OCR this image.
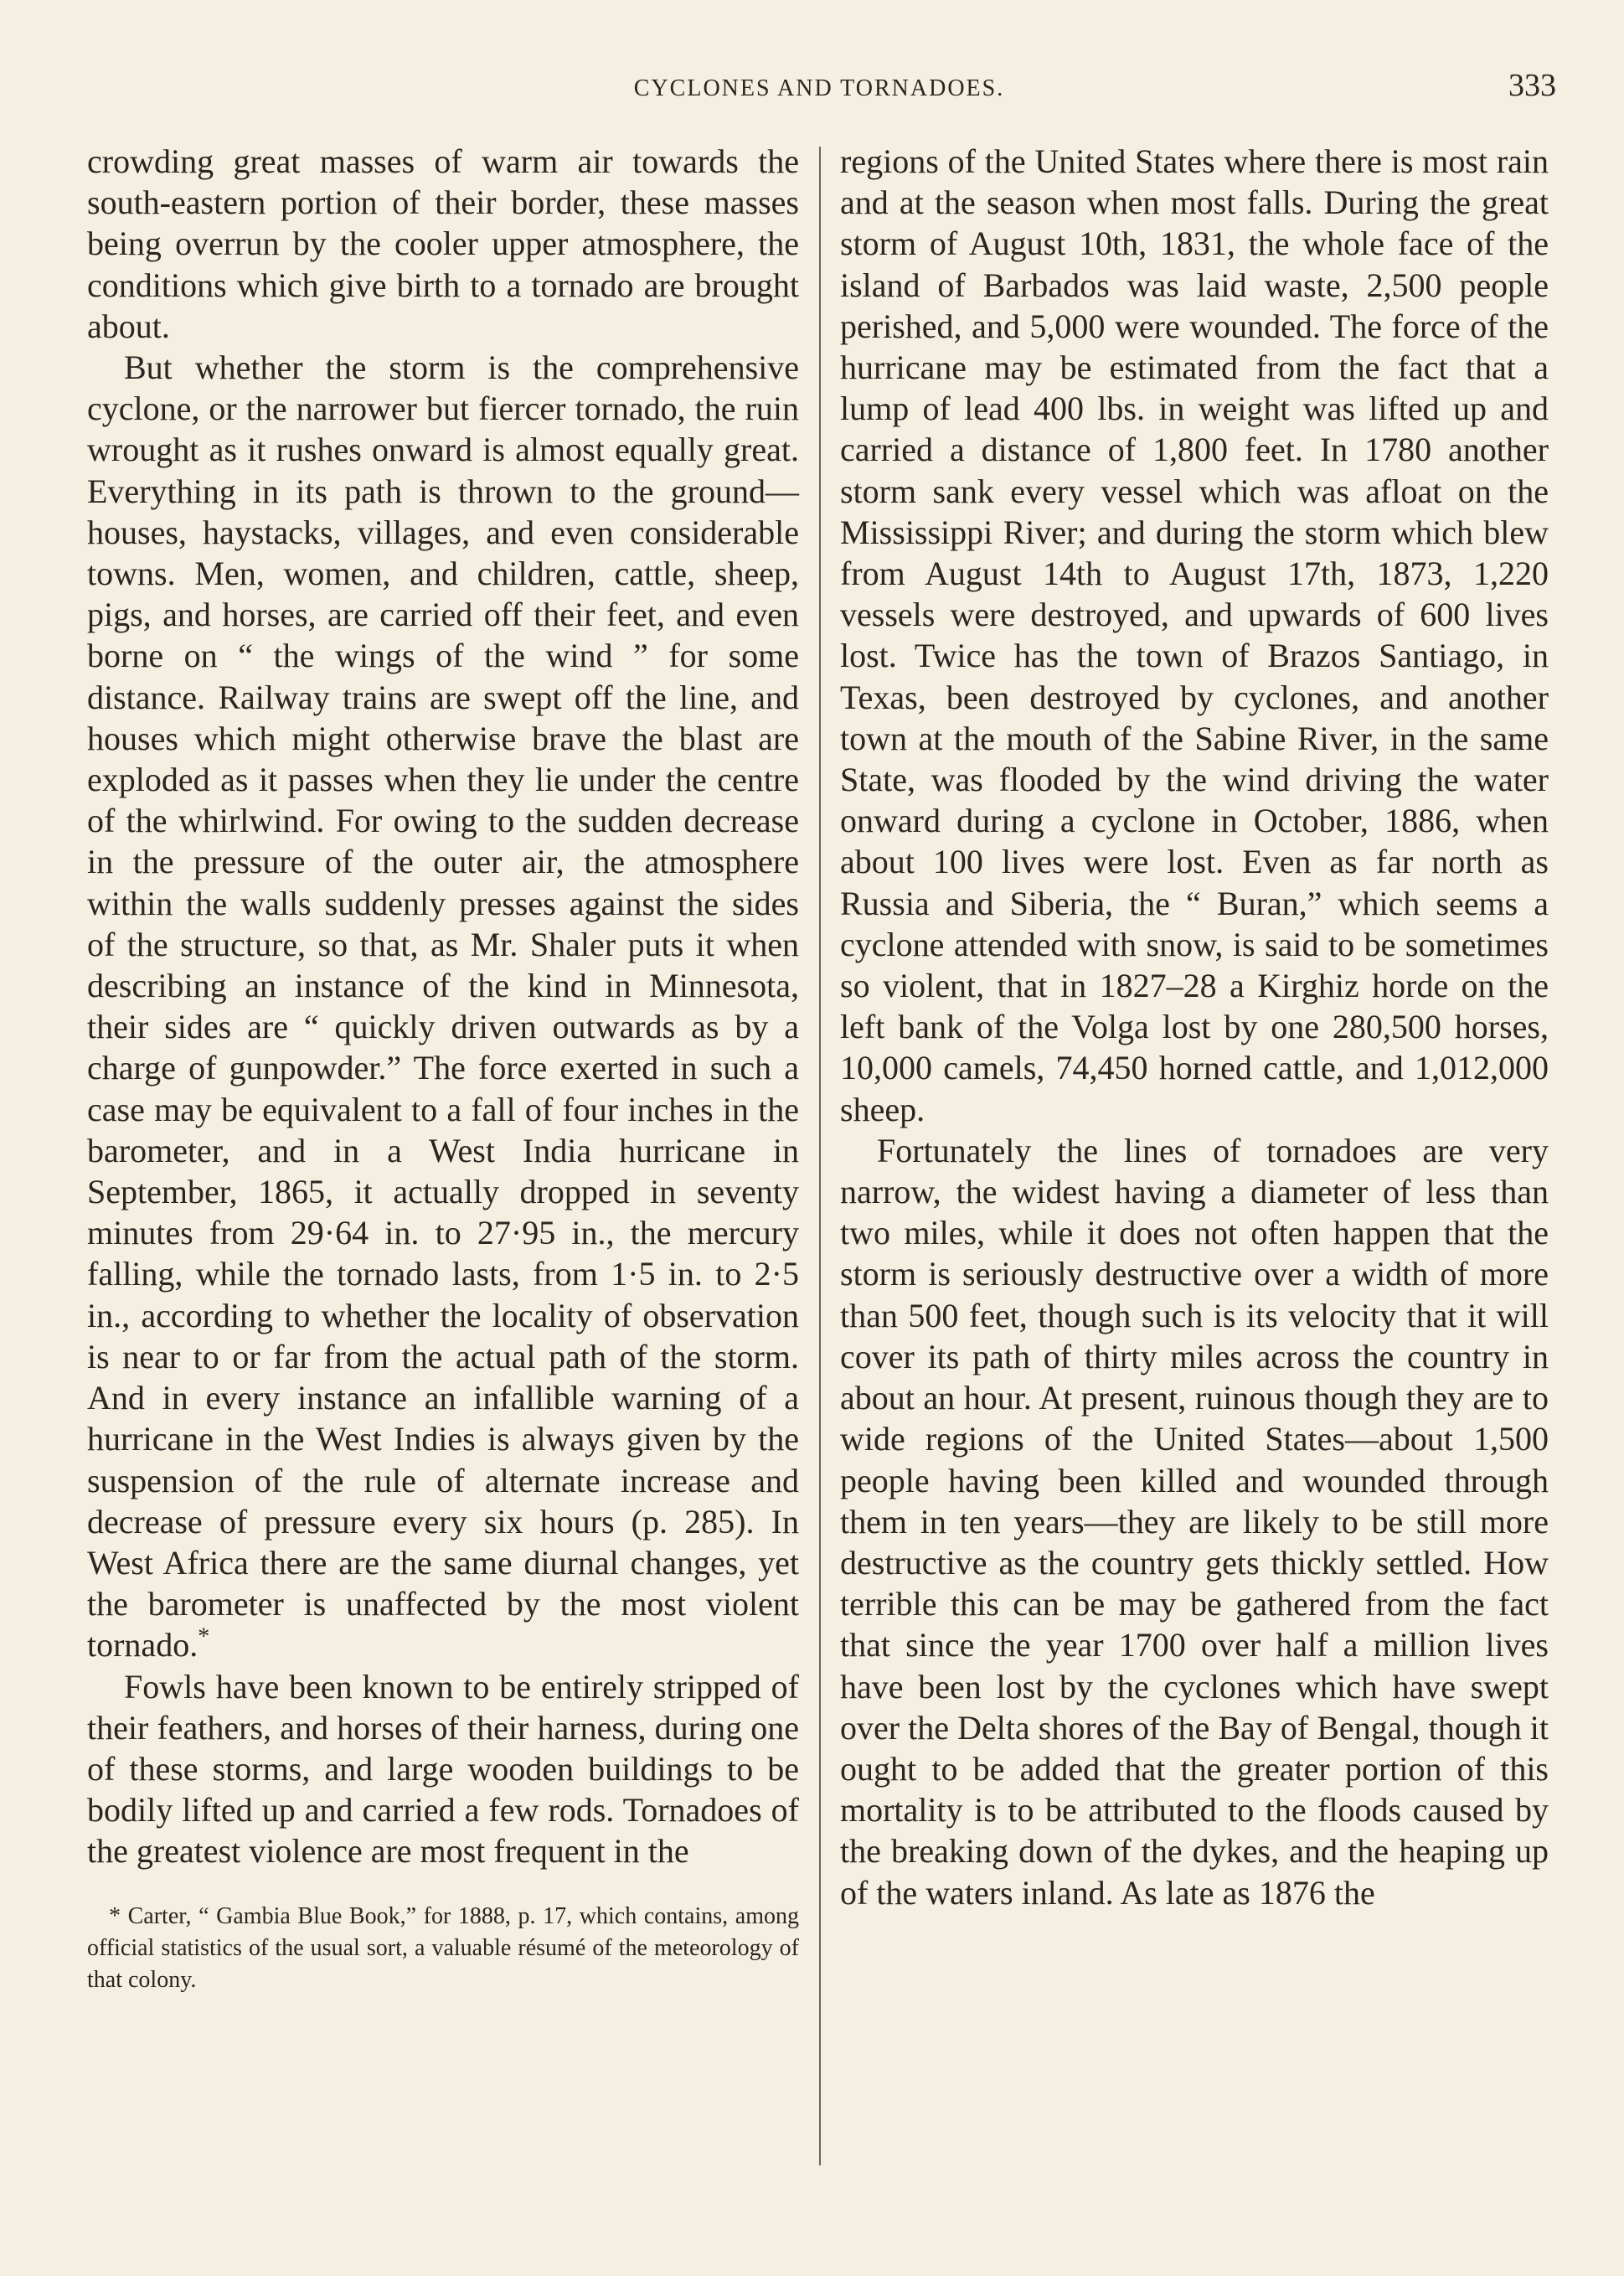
CYCLONES AND TORNADOES.	333

crowding great masses of warm air towards the south-eastern portion of their border, these masses being overrun by the cooler upper atmosphere, the conditions which give birth to a tornado are brought about.

But whether the storm is the comprehensive cyclone, or the narrower but fiercer tornado, the ruin wrought as it rushes onward is almost equally great. Everything in its path is thrown to the ground—houses, haystacks, villages, and even considerable towns. Men, women, and children, cattle, sheep, pigs, and horses, are carried off their feet, and even borne on “ the wings of the wind ” for some distance. Railway trains are swept off the line, and houses which might otherwise brave the blast are exploded as it passes when they lie under the centre of the whirlwind. For owing to the sudden decrease in the pressure of the outer air, the atmosphere within the walls suddenly presses against the sides of the structure, so that, as Mr. Shaler puts it when describing an instance of the kind in Minnesota, their sides are “ quickly driven outwards as by a charge of gunpowder.” The force exerted in such a case may be equivalent to a fall of four inches in the barometer, and in a West India hurricane in September, 1865, it actually dropped in seventy minutes from 29·64 in. to 27·95 in., the mercury falling, while the tornado lasts, from 1·5 in. to 2·5 in., according to whether the locality of observation is near to or far from the actual path of the storm. And in every instance an infallible warning of a hurricane in the West Indies is always given by the suspension of the rule of alternate increase and decrease of pressure every six hours (p. 285). In West Africa there are the same diurnal changes, yet the barometer is unaffected by the most violent tornado.*

Fowls have been known to be entirely stripped of their feathers, and horses of their harness, during one of these storms, and large wooden buildings to be bodily lifted up and carried a few rods. Tornadoes of the greatest violence are most frequent in the

* Carter, “ Gambia Blue Book,” for 1888, p. 17, which contains, among official statistics of the usual sort, a valuable résumé of the meteorology of that colony.

regions of the United States where there is most rain and at the season when most falls. During the great storm of August 10th, 1831, the whole face of the island of Barbados was laid waste, 2,500 people perished, and 5,000 were wounded. The force of the hurricane may be estimated from the fact that a lump of lead 400 lbs. in weight was lifted up and carried a distance of 1,800 feet. In 1780 another storm sank every vessel which was afloat on the Mississippi River; and during the storm which blew from August 14th to August 17th, 1873, 1,220 vessels were destroyed, and upwards of 600 lives lost. Twice has the town of Brazos Santiago, in Texas, been destroyed by cyclones, and another town at the mouth of the Sabine River, in the same State, was flooded by the wind driving the water onward during a cyclone in October, 1886, when about 100 lives were lost. Even as far north as Russia and Siberia, the “ Buran,” which seems a cyclone attended with snow, is said to be sometimes so violent, that in 1827–28 a Kirghiz horde on the left bank of the Volga lost by one 280,500 horses, 10,000 camels, 74,450 horned cattle, and 1,012,000 sheep.

Fortunately the lines of tornadoes are very narrow, the widest having a diameter of less than two miles, while it does not often happen that the storm is seriously destructive over a width of more than 500 feet, though such is its velocity that it will cover its path of thirty miles across the country in about an hour. At present, ruinous though they are to wide regions of the United States—about 1,500 people having been killed and wounded through them in ten years—they are likely to be still more destructive as the country gets thickly settled. How terrible this can be may be gathered from the fact that since the year 1700 over half a million lives have been lost by the cyclones which have swept over the Delta shores of the Bay of Bengal, though it ought to be added that the greater portion of this mortality is to be attributed to the floods caused by the breaking down of the dykes, and the heaping up of the waters inland. As late as 1876 the
